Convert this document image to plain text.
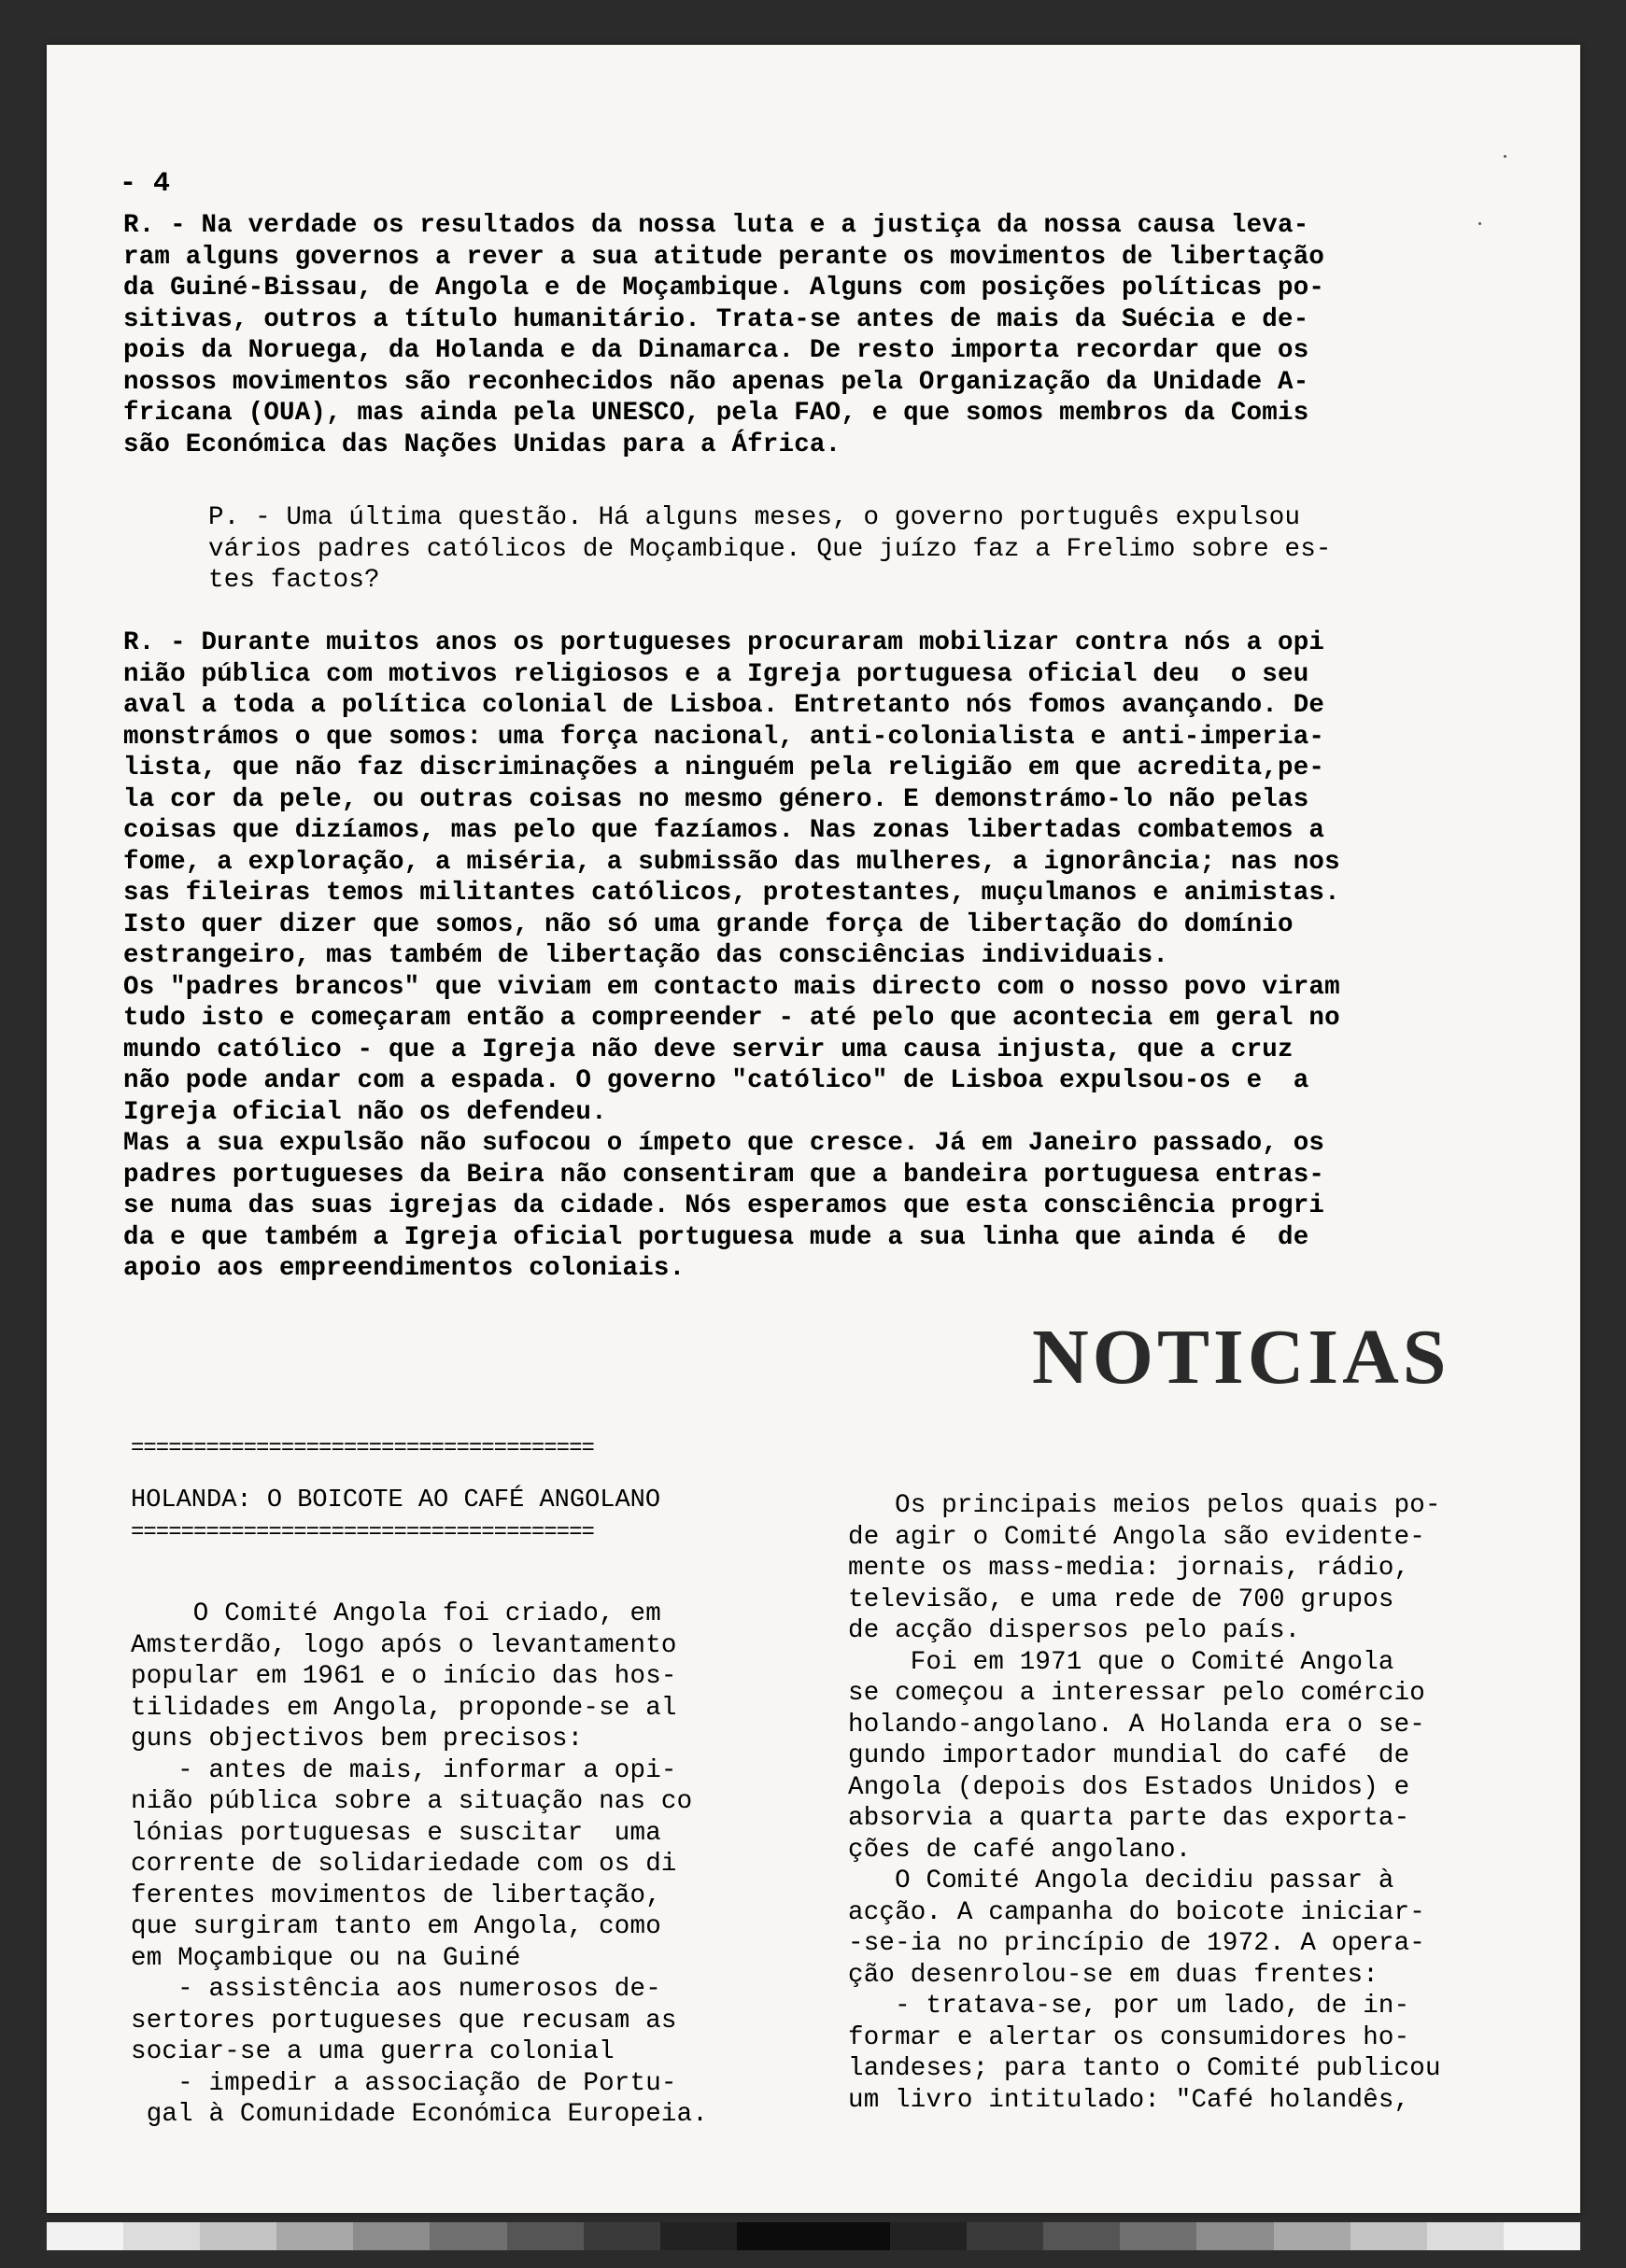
- 4
R. - Na verdade os resultados da nossa luta e a justiça da nossa causa leva-
ram alguns governos a rever a sua atitude perante os movimentos de libertação
da Guiné-Bissau, de Angola e de Moçambique. Alguns com posições políticas po-
sitivas, outros a título humanitário. Trata-se antes de mais da Suécia e de-
pois da Noruega, da Holanda e da Dinamarca. De resto importa recordar que os
nossos movimentos são reconhecidos não apenas pela Organização da Unidade A-
fricana (OUA), mas ainda pela UNESCO, pela FAO, e que somos membros da Comis
são Económica das Nações Unidas para a África.
P. - Uma última questão. Há alguns meses, o governo português expulsou
vários padres católicos de Moçambique. Que juízo faz a Frelimo sobre es-
tes factos?
R. - Durante muitos anos os portugueses procuraram mobilizar contra nós a opi
nião pública com motivos religiosos e a Igreja portuguesa oficial deu  o seu
aval a toda a política colonial de Lisboa. Entretanto nós fomos avançando. De
monstrámos o que somos: uma força nacional, anti-colonialista e anti-imperia-
lista, que não faz discriminações a ninguém pela religião em que acredita,pe-
la cor da pele, ou outras coisas no mesmo género. E demonstrámo-lo não pelas
coisas que dizíamos, mas pelo que fazíamos. Nas zonas libertadas combatemos a
fome, a exploração, a miséria, a submissão das mulheres, a ignorância; nas nos
sas fileiras temos militantes católicos, protestantes, muçulmanos e animistas.
Isto quer dizer que somos, não só uma grande força de libertação do domínio
estrangeiro, mas também de libertação das consciências individuais.
Os "padres brancos" que viviam em contacto mais directo com o nosso povo viram
tudo isto e começaram então a compreender - até pelo que acontecia em geral no
mundo católico - que a Igreja não deve servir uma causa injusta, que a cruz
não pode andar com a espada. O governo "católico" de Lisboa expulsou-os e  a
Igreja oficial não os defendeu.
Mas a sua expulsão não sufocou o ímpeto que cresce. Já em Janeiro passado, os
padres portugueses da Beira não consentiram que a bandeira portuguesa entras-
se numa das suas igrejas da cidade. Nós esperamos que esta consciência progri
da e que também a Igreja oficial portuguesa mude a sua linha que ainda é  de
apoio aos empreendimentos coloniais.
NOTICIAS
=====================================
HOLANDA: O BOICOTE AO CAFÉ ANGOLANO
=====================================
O Comité Angola foi criado, em
Amsterdão, logo após o levantamento
popular em 1961 e o início das hos-
tilidades em Angola, proponde-se al
guns objectivos bem precisos:
- antes de mais, informar a opi-
nião pública sobre a situação nas co
lónias portuguesas e suscitar  uma
corrente de solidariedade com os di
ferentes movimentos de libertação,
que surgiram tanto em Angola, como
em Moçambique ou na Guiné
- assistência aos numerosos de-
sertores portugueses que recusam as
sociar-se a uma guerra colonial
- impedir a associação de Portu-
gal à Comunidade Económica Europeia.
Os principais meios pelos quais po-
de agir o Comité Angola são evidente-
mente os mass-media: jornais, rádio,
televisão, e uma rede de 700 grupos
de acção dispersos pelo país.
Foi em 1971 que o Comité Angola
se começou a interessar pelo comércio
holando-angolano. A Holanda era o se-
gundo importador mundial do café  de
Angola (depois dos Estados Unidos) e
absorvia a quarta parte das exporta-
ções de café angolano.
O Comité Angola decidiu passar à
acção. A campanha do boicote iniciar-
-se-ia no princípio de 1972. A opera-
ção desenrolou-se em duas frentes:
- tratava-se, por um lado, de in-
formar e alertar os consumidores ho-
landeses; para tanto o Comité publicou
um livro intitulado: "Café holandês,
